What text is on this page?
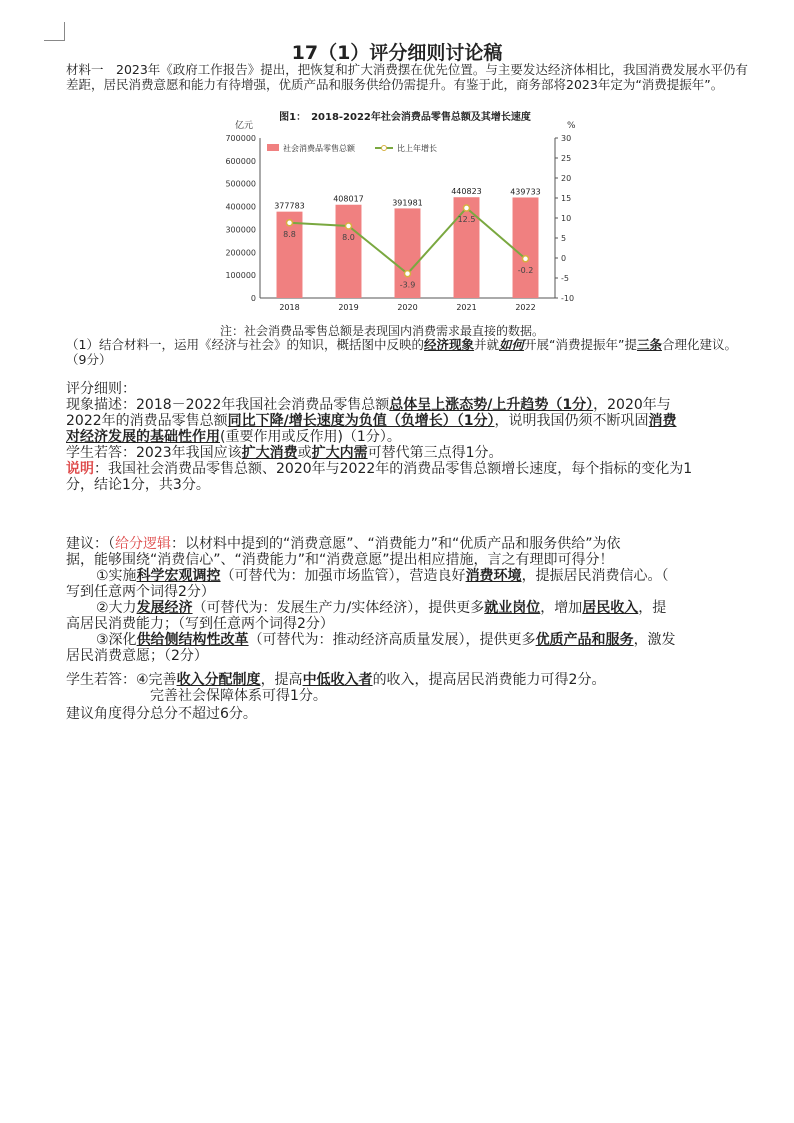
17（1）评分细则讨论稿
材料一　2023年《政府工作报告》提出，把恢复和扩大消费摆在优先位置。与主要发达经济体相比，我国消费发展水平仍有差距，居民消费意愿和能力有待增强，优质产品和服务供给仍需提升。有鉴于此，商务部将2023年定为“消费提振年”。
图1：　2018-2022年社会消费品零售总额及其增长速度
亿元	%
0
100000
200000
300000
400000
500000
600000
700000
-10
-5
0
5
10
15
20
25
30
377783
2018
408017
2019
391981
2020
440823
2021
439733
2022
8.8	8.0
-3.9
12.5
-0.2
社会消费品零售总额	比上年增长
注：社会消费品零售总额是表现国内消费需求最直接的数据。
（1）结合材料一，运用《经济与社会》的知识，概括图中反映的经济现象并就如何开展“消费提振年”提三条合理化建议。（9分）
评分细则：
现象描述：2018－2022年我国社会消费品零售总额总体呈上涨态势/上升趋势（1分），2020年与
2022年的消费品零售总额同比下降/增长速度为负值（负增长）（1分），说明我国仍须不断巩固消费
对经济发展的基础性作用(重要作用或反作用)（1分）。
学生若答：2023年我国应该扩大消费或扩大内需可替代第三点得1分。
说明：我国社会消费品零售总额、2020年与2022年的消费品零售总额增长速度，每个指标的变化为1
分，结论1分，共3分。
建议：（给分逻辑：以材料中提到的“消费意愿”、“消费能力”和“优质产品和服务供给”为依
据，能够围绕“消费信心”、“消费能力”和“消费意愿”提出相应措施，言之有理即可得分！
①实施科学宏观调控（可替代为：加强市场监管），营造良好消费环境，提振居民消费信心。（
写到任意两个词得2分）
②大力发展经济（可替代为：发展生产力/实体经济），提供更多就业岗位，增加居民收入，提
高居民消费能力；（写到任意两个词得2分）
③深化供给侧结构性改革（可替代为：推动经济高质量发展），提供更多优质产品和服务，激发
居民消费意愿；（2分）
学生若答：④完善收入分配制度，提高中低收入者的收入，提高居民消费能力可得2分。
完善社会保障体系可得1分。
建议角度得分总分不超过6分。
